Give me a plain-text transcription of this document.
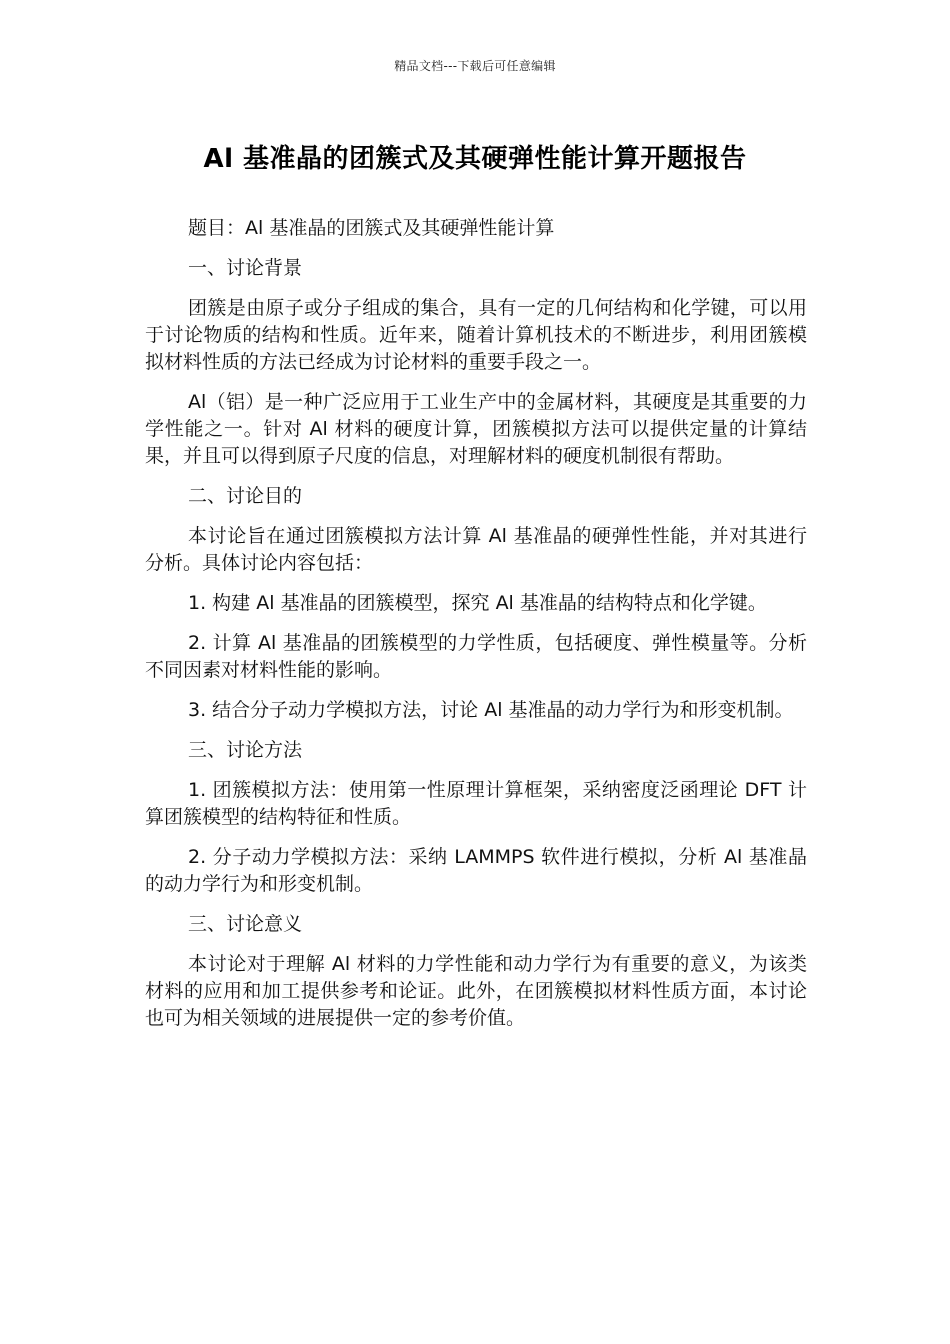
精品文档---下载后可任意编辑
Al 基准晶的团簇式及其硬弹性能计算开题报告

题目：Al 基准晶的团簇式及其硬弹性能计算

一、讨论背景

团簇是由原子或分子组成的集合，具有一定的几何结构和化学键，可以用于讨论物质的结构和性质。近年来，随着计算机技术的不断进步，利用团簇模拟材料性质的方法已经成为讨论材料的重要手段之一。

Al（铝）是一种广泛应用于工业生产中的金属材料，其硬度是其重要的力学性能之一。针对 Al 材料的硬度计算，团簇模拟方法可以提供定量的计算结果，并且可以得到原子尺度的信息，对理解材料的硬度机制很有帮助。

二、讨论目的

本讨论旨在通过团簇模拟方法计算 Al 基准晶的硬弹性性能，并对其进行分析。具体讨论内容包括：

1. 构建 Al 基准晶的团簇模型，探究 Al 基准晶的结构特点和化学键。

2. 计算 Al 基准晶的团簇模型的力学性质，包括硬度、弹性模量等。分析不同因素对材料性能的影响。

3. 结合分子动力学模拟方法，讨论 Al 基准晶的动力学行为和形变机制。

三、讨论方法

1. 团簇模拟方法：使用第一性原理计算框架，采纳密度泛函理论 DFT 计算团簇模型的结构特征和性质。

2. 分子动力学模拟方法：采纳 LAMMPS 软件进行模拟，分析 Al 基准晶的动力学行为和形变机制。

三、讨论意义

本讨论对于理解 Al 材料的力学性能和动力学行为有重要的意义，为该类材料的应用和加工提供参考和论证。此外，在团簇模拟材料性质方面，本讨论也可为相关领域的进展提供一定的参考价值。
